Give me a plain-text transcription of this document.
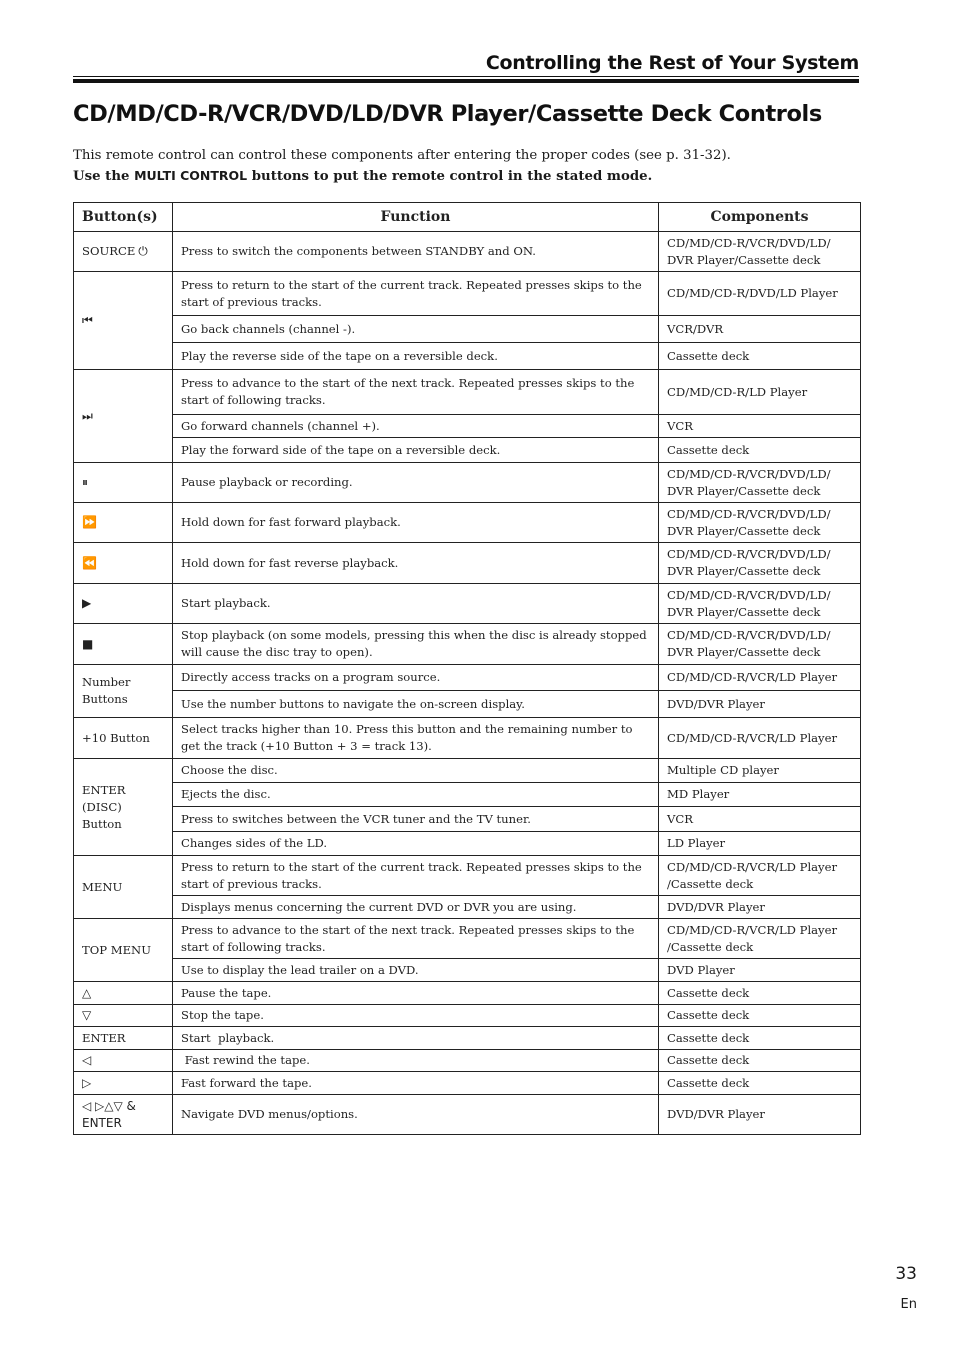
Controlling the Rest of Your System
CD/MD/CD-R/VCR/DVD/LD/DVR Player/Cassette Deck Controls

This remote control can control these components after entering the proper codes (see p. 31-32).

Use the MULTI CONTROL buttons to put the remote control in the stated mode.

Button(s)	Function	Components
SOURCE ⏻	Press to switch the components between STANDBY and ON.	CD/MD/CD-R/VCR/DVD/LD/ DVR Player/Cassette deck
⏮	Press to return to the start of the current track. Repeated presses skips to the start of previous tracks.	CD/MD/CD-R/DVD/LD Player
	Go back channels (channel -).	VCR/DVR
	Play the reverse side of the tape on a reversible deck.	Cassette deck
⏭	Press to advance to the start of the next track. Repeated presses skips to the start of following tracks.	CD/MD/CD-R/LD Player
	Go forward channels (channel +).	VCR
	Play the forward side of the tape on a reversible deck.	Cassette deck
⏸	Pause playback or recording.	CD/MD/CD-R/VCR/DVD/LD/ DVR Player/Cassette deck
⏩	Hold down for fast forward playback.	CD/MD/CD-R/VCR/DVD/LD/ DVR Player/Cassette deck
⏪	Hold down for fast reverse playback.	CD/MD/CD-R/VCR/DVD/LD/ DVR Player/Cassette deck
▶	Start playback.	CD/MD/CD-R/VCR/DVD/LD/ DVR Player/Cassette deck
■	Stop playback (on some models, pressing this when the disc is already stopped will cause the disc tray to open).	CD/MD/CD-R/VCR/DVD/LD/ DVR Player/Cassette deck
Number Buttons	Directly access tracks on a program source.	CD/MD/CD-R/VCR/LD Player
	Use the number buttons to navigate the on-screen display.	DVD/DVR Player
+10 Button	Select tracks higher than 10. Press this button and the remaining number to get the track (+10 Button + 3 = track 13).	CD/MD/CD-R/VCR/LD Player
ENTER (DISC) Button	Choose the disc.	Multiple CD player
	Ejects the disc.	MD Player
	Press to switches between the VCR tuner and the TV tuner.	VCR
	Changes sides of the LD.	LD Player
MENU	Press to return to the start of the current track. Repeated presses skips to the start of previous tracks.	CD/MD/CD-R/VCR/LD Player /Cassette deck
	Displays menus concerning the current DVD or DVR you are using.	DVD/DVR Player
TOP MENU	Press to advance to the start of the next track. Repeated presses skips to the start of following tracks.	CD/MD/CD-R/VCR/LD Player /Cassette deck
	Use to display the lead trailer on a DVD.	DVD Player
△	Pause the tape.	Cassette deck
▽	Stop the tape.	Cassette deck
ENTER	Start  playback.	Cassette deck
◁	Fast rewind the tape.	Cassette deck
▷	Fast forward the tape.	Cassette deck
◁ ▷△▽ & ENTER	Navigate DVD menus/options.	DVD/DVR Player
33
En
